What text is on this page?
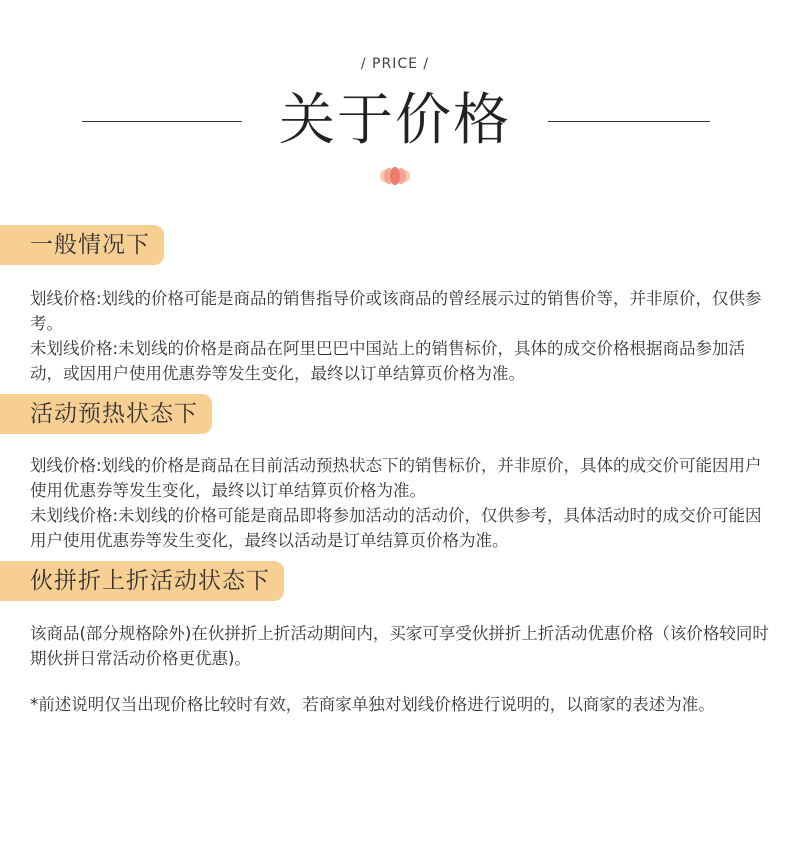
/ PRICE /
关于价格
一般情况下

划线价格:划线的价格可能是商品的销售指导价或该商品的曾经展示过的销售价等，并非原价，仅供参考。

未划线价格:未划线的价格是商品在阿里巴巴中国站上的销售标价，具体的成交价格根据商品参加活动，或因用户使用优惠券等发生变化，最终以订单结算页价格为准。

活动预热状态下

划线价格:划线的价格是商品在目前活动预热状态下的销售标价，并非原价，具体的成交价可能因用户使用优惠券等发生变化，最终以订单结算页价格为准。

未划线价格:未划线的价格可能是商品即将参加活动的活动价，仅供参考，具体活动时的成交价可能因用户使用优惠券等发生变化，最终以活动是订单结算页价格为准。

伙拼折上折活动状态下

该商品(部分规格除外)在伙拼折上折活动期间内，买家可享受伙拼折上折活动优惠价格（该价格较同时期伙拼日常活动价格更优惠)。

*前述说明仅当出现价格比较时有效，若商家单独对划线价格进行说明的，以商家的表述为准。
